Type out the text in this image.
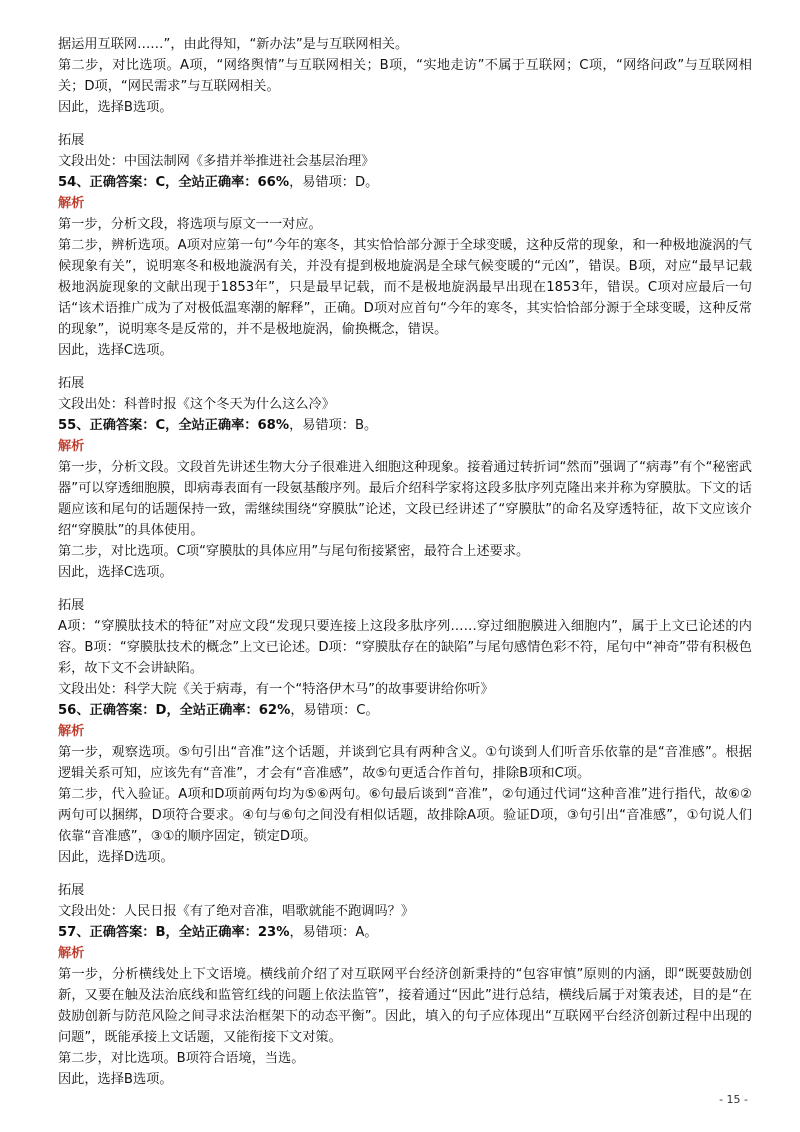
据运用互联网……”，由此得知，“新办法”是与互联网相关。

第二步，对比选项。A项，“网络舆情”与互联网相关；B项，“实地走访”不属于互联网；C项，“网络问政”与互联网相关；D项，“网民需求”与互联网相关。

因此，选择B选项。

拓展

文段出处：中国法制网《多措并举推进社会基层治理》

54、正确答案：C，全站正确率：66%，易错项：D。

解析

第一步，分析文段，将选项与原文一一对应。

第二步，辨析选项。A项对应第一句“今年的寒冬，其实恰恰部分源于全球变暖，这种反常的现象，和一种极地漩涡的气候现象有关”，说明寒冬和极地漩涡有关，并没有提到极地旋涡是全球气候变暖的“元凶”，错误。B项，对应“最早记载极地涡旋现象的文献出现于1853年”，只是最早记载，而不是极地旋涡最早出现在1853年，错误。C项对应最后一句话“该术语推广成为了对极低温寒潮的解释”，正确。D项对应首句“今年的寒冬，其实恰恰部分源于全球变暖，这种反常的现象”，说明寒冬是反常的，并不是极地旋涡，偷换概念，错误。

因此，选择C选项。

拓展

文段出处：科普时报《这个冬天为什么这么冷》

55、正确答案：C，全站正确率：68%，易错项：B。

解析

第一步，分析文段。文段首先讲述生物大分子很难进入细胞这种现象。接着通过转折词“然而”强调了“病毒”有个“秘密武器”可以穿透细胞膜，即病毒表面有一段氨基酸序列。最后介绍科学家将这段多肽序列克隆出来并称为穿膜肽。下文的话题应该和尾句的话题保持一致，需继续围绕“穿膜肽”论述，文段已经讲述了“穿膜肽”的命名及穿透特征，故下文应该介绍“穿膜肽”的具体使用。

第二步，对比选项。C项“穿膜肽的具体应用”与尾句衔接紧密，最符合上述要求。

因此，选择C选项。

拓展

A项：“穿膜肽技术的特征”对应文段“发现只要连接上这段多肽序列……穿过细胞膜进入细胞内”，属于上文已论述的内容。B项：“穿膜肽技术的概念”上文已论述。D项：“穿膜肽存在的缺陷”与尾句感情色彩不符，尾句中“神奇”带有积极色彩，故下文不会讲缺陷。

文段出处：科学大院《关于病毒，有一个“特洛伊木马”的故事要讲给你听》

56、正确答案：D，全站正确率：62%，易错项：C。

解析

第一步，观察选项。⑤句引出“音准”这个话题，并谈到它具有两种含义。①句谈到人们听音乐依靠的是“音准感”。根据逻辑关系可知，应该先有“音准”，才会有“音准感”，故⑤句更适合作首句，排除B项和C项。

第二步，代入验证。A项和D项前两句均为⑤⑥两句。⑥句最后谈到“音准”，②句通过代词“这种音准”进行指代，故⑥②两句可以捆绑，D项符合要求。④句与⑥句之间没有相似话题，故排除A项。验证D项，③句引出“音准感”，①句说人们依靠“音准感”，③①的顺序固定，锁定D项。

因此，选择D选项。

拓展

文段出处：人民日报《有了绝对音准，唱歌就能不跑调吗？》

57、正确答案：B，全站正确率：23%，易错项：A。

解析

第一步，分析横线处上下文语境。横线前介绍了对互联网平台经济创新秉持的“包容审慎”原则的内涵，即“既要鼓励创新，又要在触及法治底线和监管红线的问题上依法监管”，接着通过“因此”进行总结，横线后属于对策表述，目的是“在鼓励创新与防范风险之间寻求法治框架下的动态平衡”。因此，填入的句子应体现出“互联网平台经济创新过程中出现的问题”，既能承接上文话题，又能衔接下文对策。

第二步，对比选项。B项符合语境，当选。

因此，选择B选项。

- 15 -
